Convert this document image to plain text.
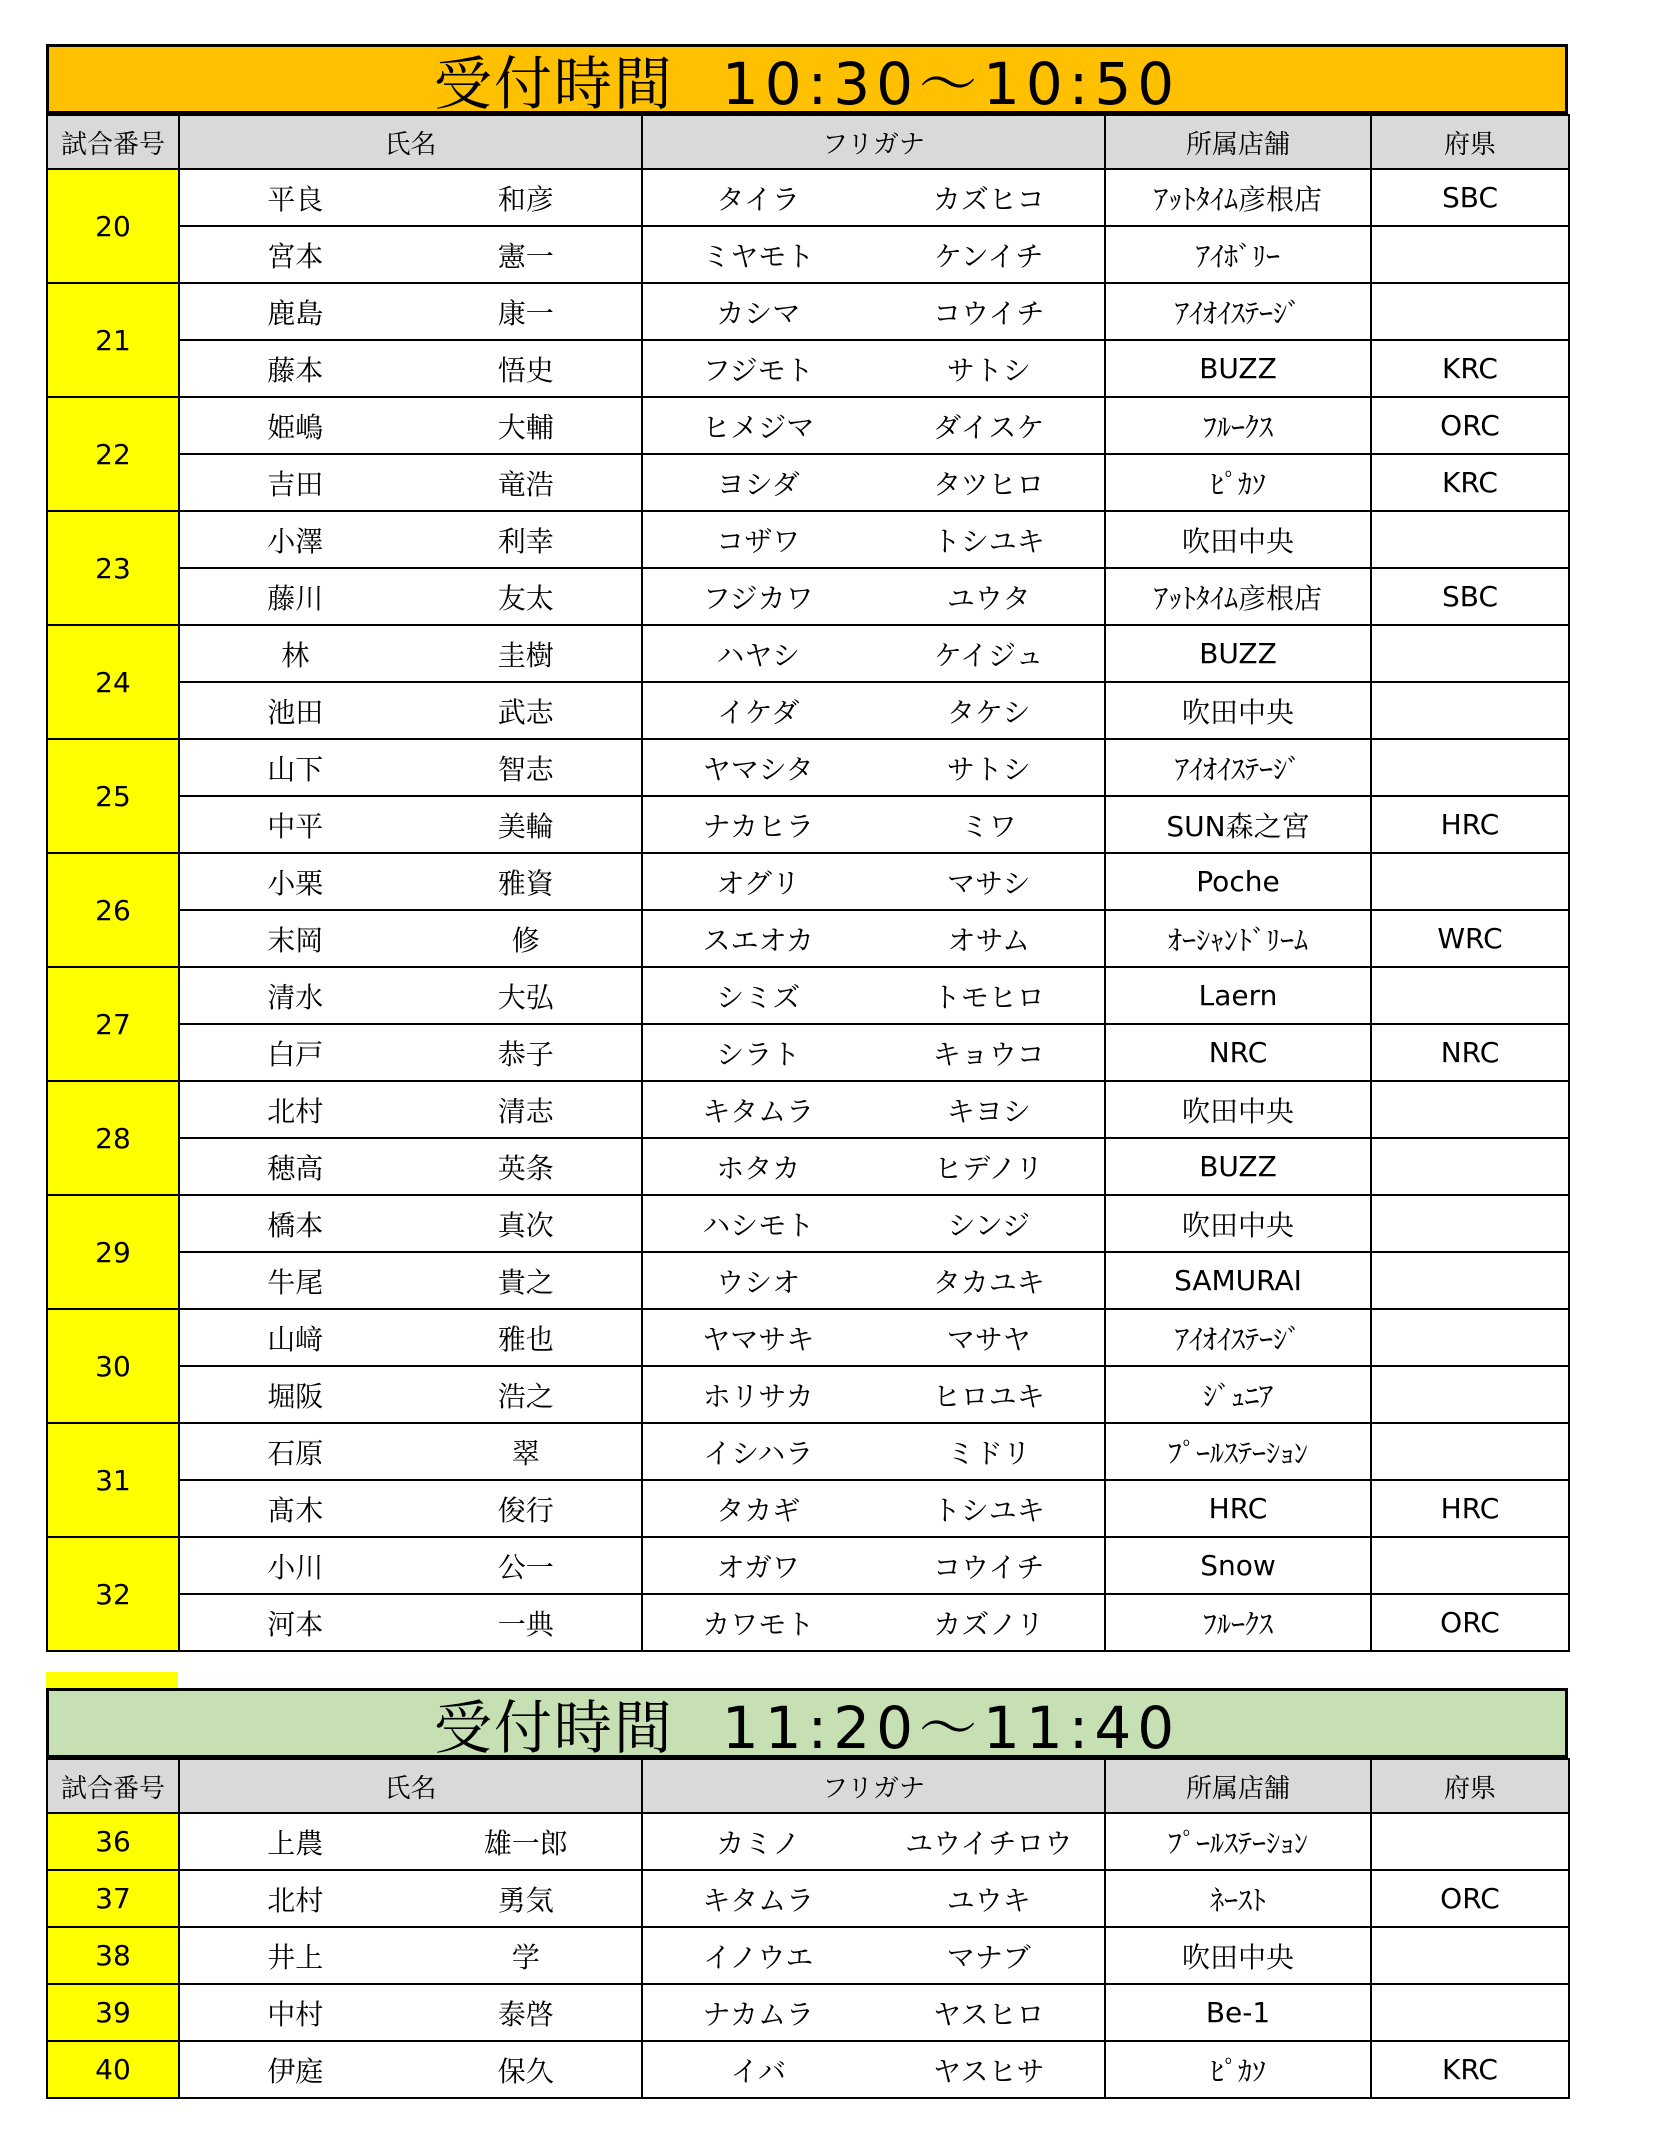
受付時間 10:30～10:50
試合番号	氏名	フリガナ	所属店舗	府県
20	平良 和彦	タイラ カズヒコ	ｱｯﾄﾀｲﾑ彦根店	SBC

	宮本 憲一	ミヤモト ケンイチ	ｱｲﾎﾞﾘｰ	
21	鹿島 康一	カシマ コウイチ	ｱｲｵｲｽﾃｰｼﾞ	

	藤本 悟史	フジモト サトシ	BUZZ	KRC
22	姫嶋 大輔	ヒメジマ ダイスケ	ﾌﾙｰｸｽ	ORC

	吉田 竜浩	ヨシダ タツヒロ	ﾋﾟｶｿ	KRC
23	小澤 利幸	コザワ トシユキ	吹田中央	

	藤川 友太	フジカワ ユウタ	ｱｯﾄﾀｲﾑ彦根店	SBC
24	林 圭樹	ハヤシ ケイジュ	BUZZ	

	池田 武志	イケダ タケシ	吹田中央	
25	山下 智志	ヤマシタ サトシ	ｱｲｵｲｽﾃｰｼﾞ	

	中平 美輪	ナカヒラ ミワ	SUN森之宮	HRC
26	小栗 雅資	オグリ マサシ	Poche	

	末岡 修	スエオカ オサム	ｵｰｼｬﾝﾄﾞﾘｰﾑ	WRC
27	清水 大弘	シミズ トモヒロ	Laern	

	白戸 恭子	シラト キョウコ	NRC	NRC
28	北村 清志	キタムラ キヨシ	吹田中央	

	穂高 英条	ホタカ ヒデノリ	BUZZ	
29	橋本 真次	ハシモト シンジ	吹田中央	

	牛尾 貴之	ウシオ タカユキ	SAMURAI	
30	山﨑 雅也	ヤマサキ マサヤ	ｱｲｵｲｽﾃｰｼﾞ	

	堀阪 浩之	ホリサカ ヒロユキ	ｼﾞｭﾆｱ	
31	石原 翠	イシハラ ミドリ	ﾌﾟｰﾙｽﾃｰｼｮﾝ	

	髙木 俊行	タカギ トシユキ	HRC	HRC
32	小川 公一	オガワ コウイチ	Snow	

	河本 一典	カワモト カズノリ	ﾌﾙｰｸｽ	ORC
受付時間 11:20～11:40
試合番号	氏名	フリガナ	所属店舗	府県
36	上農 雄一郎	カミノ ユウイチロウ	ﾌﾟｰﾙｽﾃｰｼｮﾝ	
37	北村 勇気	キタムラ ユウキ	ﾈｰｽﾄ	ORC
38	井上 学	イノウエ マナブ	吹田中央	
39	中村 泰啓	ナカムラ ヤスヒロ	Be-1	
40	伊庭 保久	イバ ヤスヒサ	ﾋﾟｶｿ	KRC
